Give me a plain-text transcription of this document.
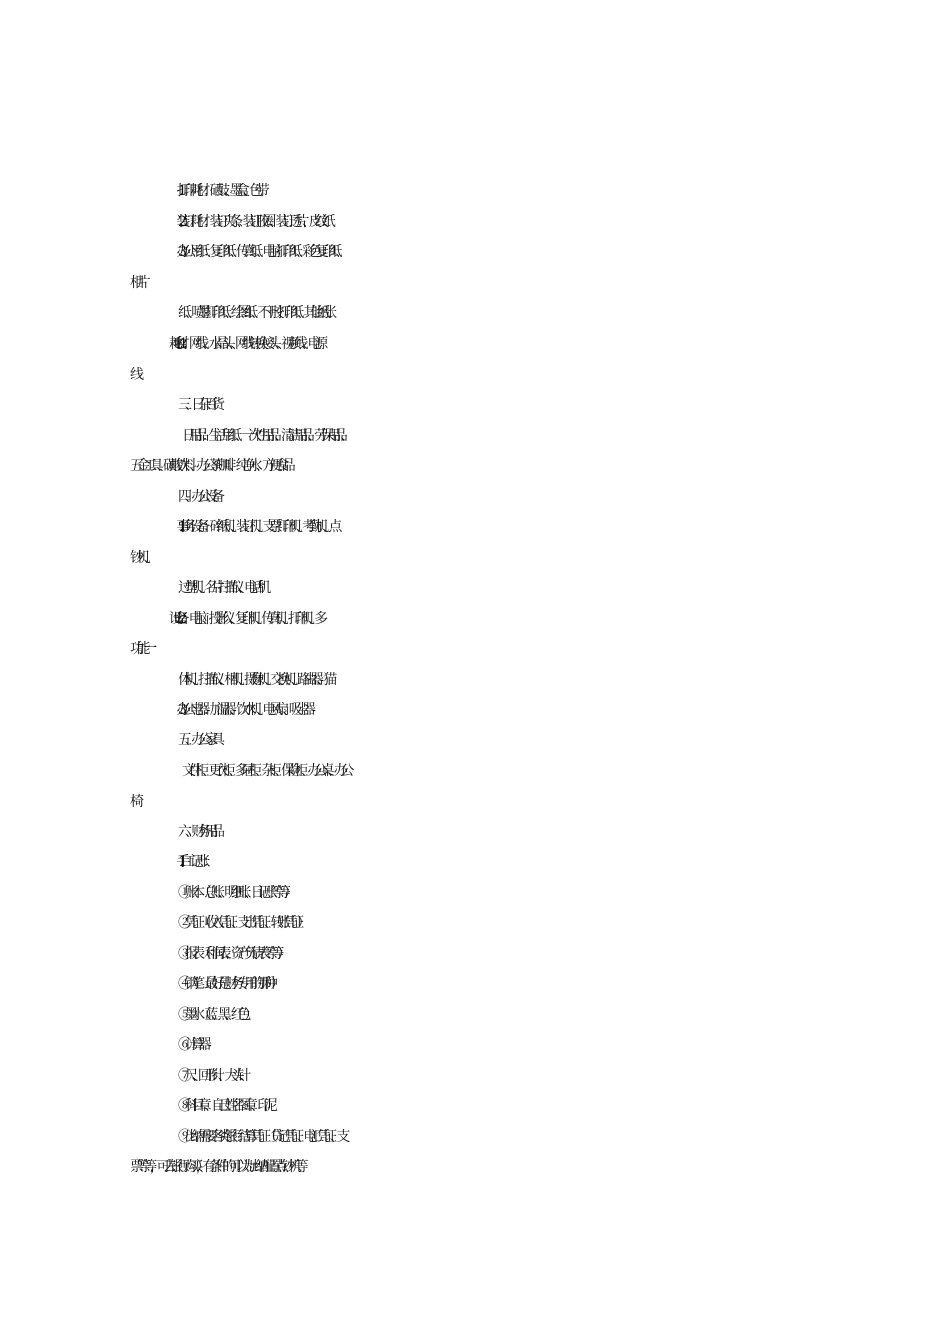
1.打印耗材：硒鼓、墨盒、色带
2.装订耗材：装订夹条、装订胶圈、装订透片、皮纹纸
3.办公用纸：复印纸、传真纸、电脑打印纸、彩色复印纸、
相片
纸、喷墨打印纸、绘图纸、不干胶打印纸、其他纸张
4.it 耗材：网线、水晶头、网线转换接头、视频线、电源
线
三、日杂百货
日用品：生活用纸、一次性用品、清洁用品、劳保用品、
五金工具、碳酸饮料、办公茶咖啡、纯净水、方便食品
四、办公设备
1.事务设备：碎纸机、装订机、支票打印机、考勤机、点
钞机、
过塑机、名片扫描仪、电话机
2.it 设备：电脑、投影仪、复印机、传真机、打印机、多
功能一
体机、扫描仪、相机、摄像机、交换机、路由器、猫
3.办公电器：加湿器、饮水机、电风扇、吸尘器
五、办公家具
文件柜、更衣柜、多屉柜、杂柜、保险柜、办公桌、办公
椅
六、财务用品
1.手工记账：
①账本（总账、明细账、日记账等等）
②凭证（收入凭证、支出凭证、转账凭证）
③报表（利润表、资产负债表等等）
④钢笔（最好是财务专用的那种）
⑤墨水（蓝、黑、红色）
⑥计算器
⑦尺、回形针、大头针
⑧科目章、自己姓名图章、印泥
⑨出纳需要各类银行结算凭证（贷记凭证、电汇凭证、支
票等等，可去银行购买），有条件的可以为出纳配置点钞机等
